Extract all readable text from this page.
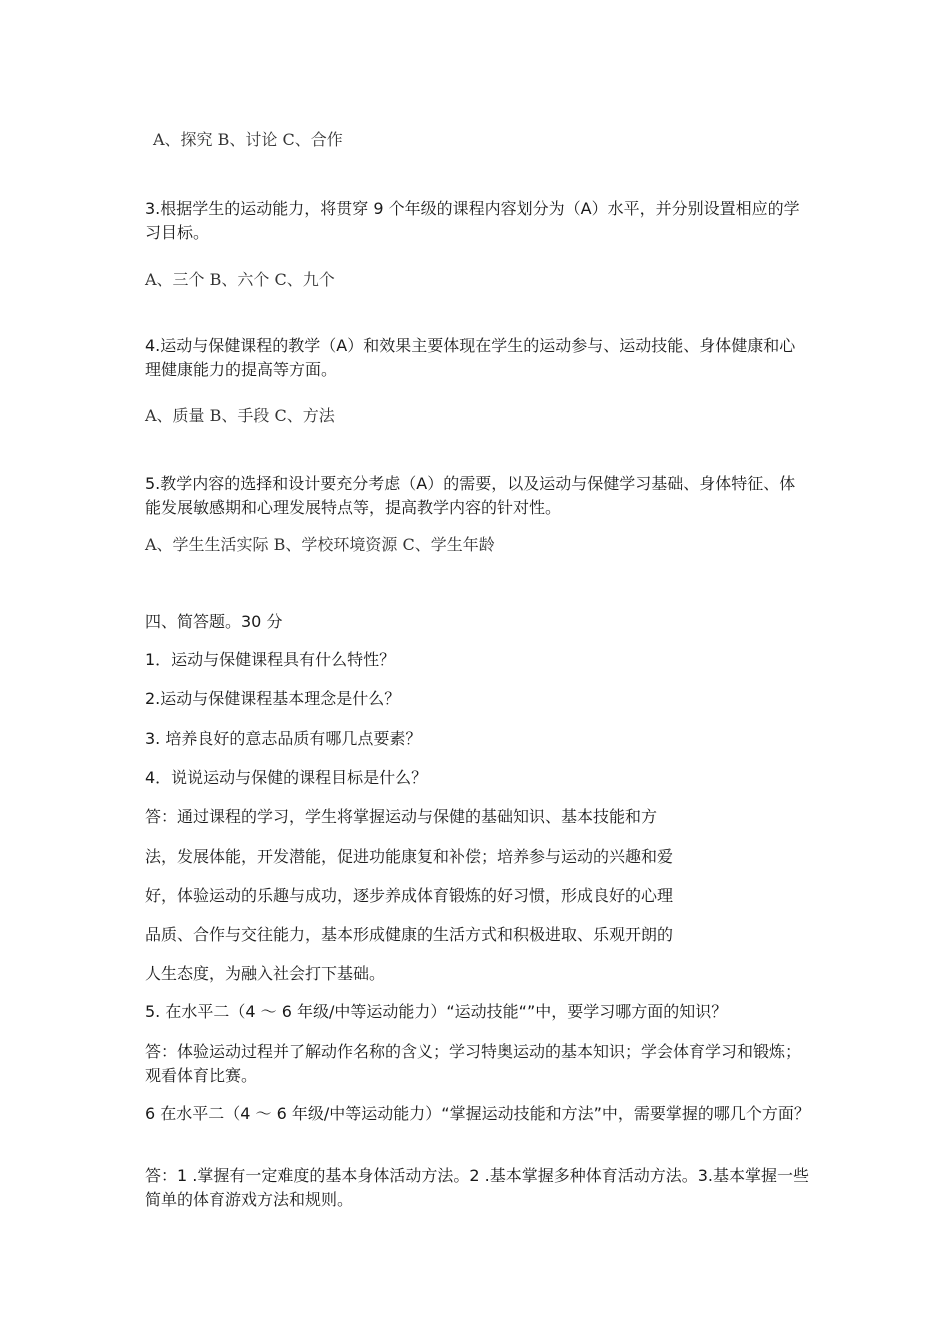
A、探究 B、讨论 C、合作
3.根据学生的运动能力，将贯穿 9 个年级的课程内容划分为（A）水平，并分别设置相应的学习目标。
A、三个 B、六个 C、九个
4.运动与保健课程的教学（A）和效果主要体现在学生的运动参与、运动技能、身体健康和心理健康能力的提高等方面。
A、质量 B、手段 C、方法
5.教学内容的选择和设计要充分考虑（A）的需要，以及运动与保健学习基础、身体特征、体能发展敏感期和心理发展特点等，提高教学内容的针对性。
A、学生生活实际 B、学校环境资源 C、学生年龄
四、简答题。30 分
1．运动与保健课程具有什么特性？
2.运动与保健课程基本理念是什么？
3. 培养良好的意志品质有哪几点要素？
4．说说运动与保健的课程目标是什么？
答：通过课程的学习，学生将掌握运动与保健的基础知识、基本技能和方
法，发展体能，开发潜能，促进功能康复和补偿；培养参与运动的兴趣和爱
好，体验运动的乐趣与成功，逐步养成体育锻炼的好习惯，形成良好的心理
品质、合作与交往能力，基本形成健康的生活方式和积极进取、乐观开朗的
人生态度，为融入社会打下基础。
5. 在水平二（4 ～ 6 年级/中等运动能力）“运动技能“”中，要学习哪方面的知识？
答：体验运动过程并了解动作名称的含义；学习特奥运动的基本知识；学会体育学习和锻炼；观看体育比赛。
6 在水平二（4 ～ 6 年级/中等运动能力）“掌握运动技能和方法”中，需要掌握的哪几个方面？
答：1 .掌握有一定难度的基本身体活动方法。2 .基本掌握多种体育活动方法。3.基本掌握一些简单的体育游戏方法和规则。
